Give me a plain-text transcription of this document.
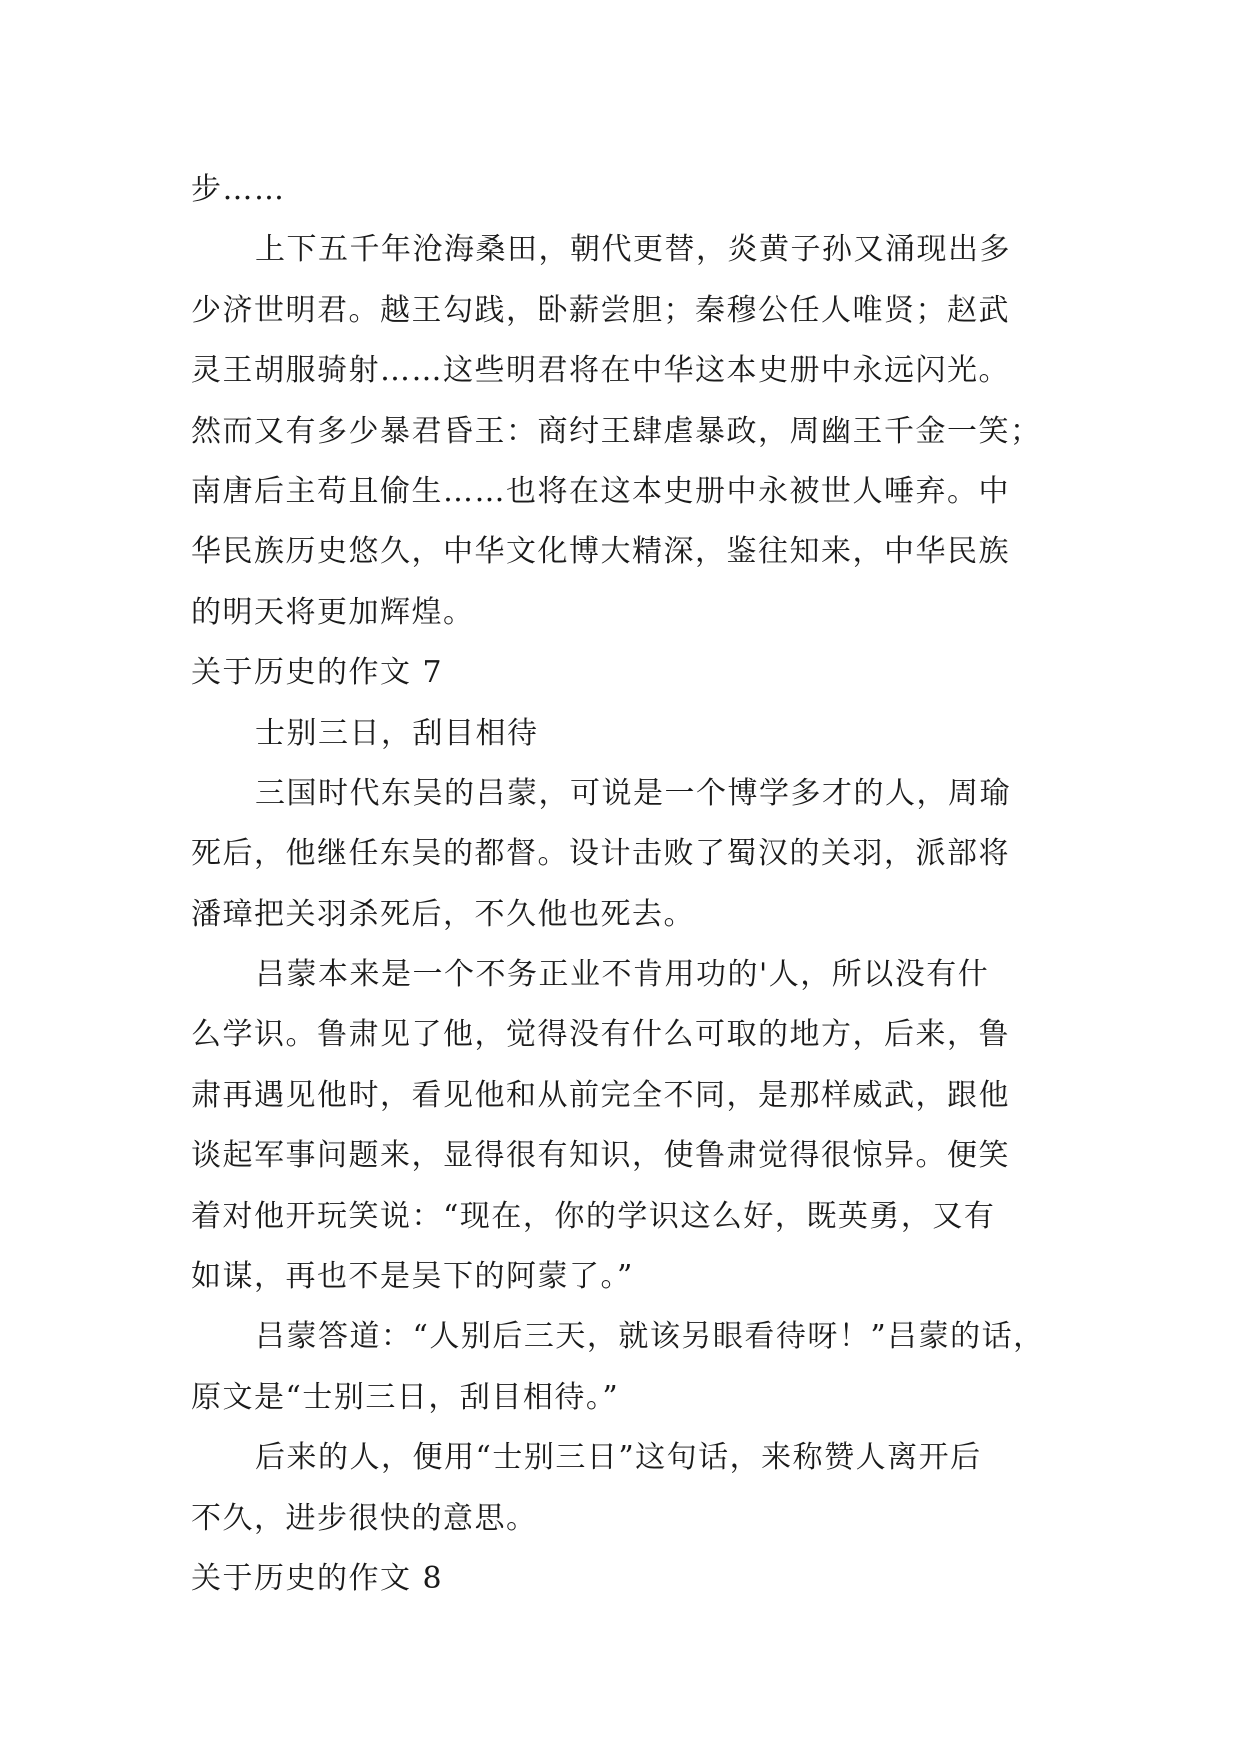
步……
上下五千年沧海桑田，朝代更替，炎黄子孙又涌现出多
少济世明君。越王勾践，卧薪尝胆；秦穆公任人唯贤；赵武
灵王胡服骑射……这些明君将在中华这本史册中永远闪光。
然而又有多少暴君昏王：商纣王肆虐暴政，周幽王千金一笑；
南唐后主苟且偷生……也将在这本史册中永被世人唾弃。中
华民族历史悠久，中华文化博大精深，鉴往知来，中华民族
的明天将更加辉煌。
关于历史的作文 7
士别三日，刮目相待
三国时代东吴的吕蒙，可说是一个博学多才的人，周瑜
死后，他继任东吴的都督。设计击败了蜀汉的关羽，派部将
潘璋把关羽杀死后，不久他也死去。
吕蒙本来是一个不务正业不肯用功的'人，所以没有什
么学识。鲁肃见了他，觉得没有什么可取的地方，后来，鲁
肃再遇见他时，看见他和从前完全不同，是那样威武，跟他
谈起军事问题来，显得很有知识，使鲁肃觉得很惊异。便笑
着对他开玩笑说：“现在，你的学识这么好，既英勇，又有
如谋，再也不是吴下的阿蒙了。”
吕蒙答道：“人别后三天，就该另眼看待呀！”吕蒙的话，
原文是“士别三日，刮目相待。”
后来的人，便用“士别三日”这句话，来称赞人离开后
不久，进步很快的意思。
关于历史的作文 8
